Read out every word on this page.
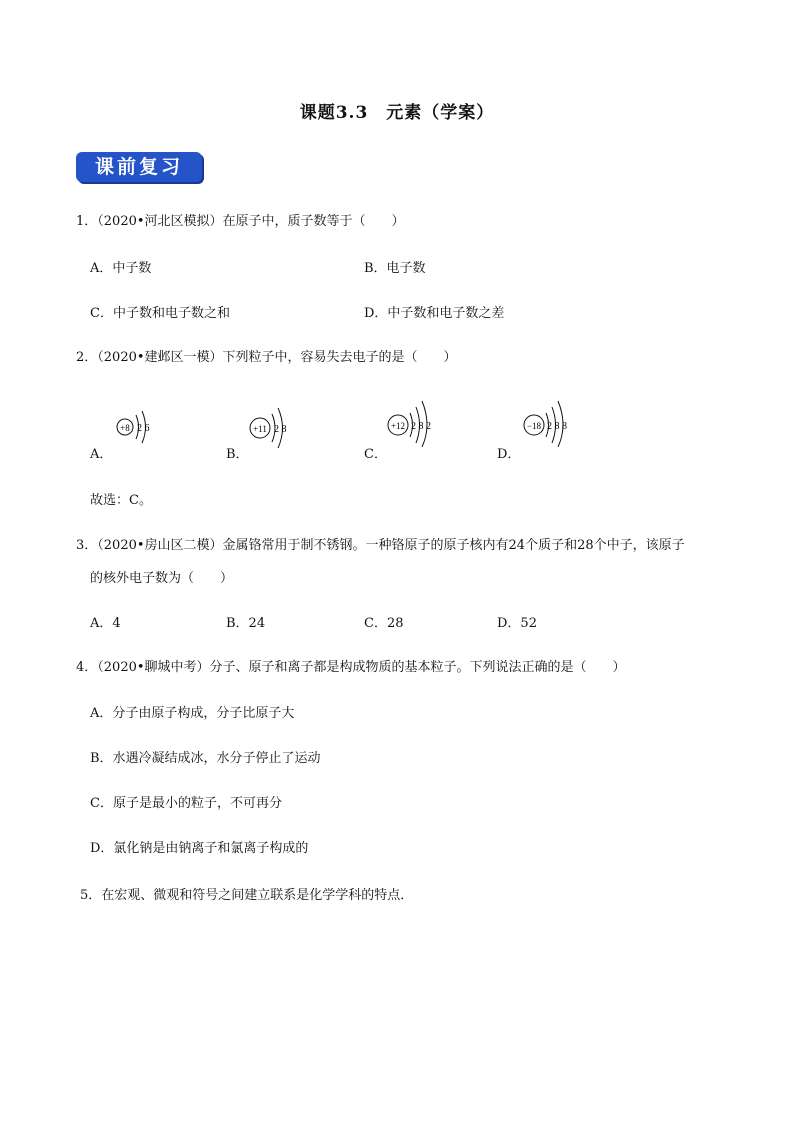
课题3.3　元素（学案）
课前复习
1．（2020•河北区模拟）在原子中，质子数等于（　　）
A．中子数	B．电子数
C．中子数和电子数之和	D．中子数和电子数之差
2．（2020•建邺区一模）下列粒子中，容易失去电子的是（　　）
+8 2 6
A．
+11 2 8
B．
+12 2 8 2
C．
−18 2 8 8
D．
故选：C。
3．（2020•房山区二模）金属铬常用于制不锈钢。一种铬原子的原子核内有24个质子和28个中子，该原子
的核外电子数为（　　）
A．4	B．24	C．28	D．52
4．（2020•聊城中考）分子、原子和离子都是构成物质的基本粒子。下列说法正确的是（　　）
A．分子由原子构成，分子比原子大
B．水遇冷凝结成冰，水分子停止了运动
C．原子是最小的粒子，不可再分
D．氯化钠是由钠离子和氯离子构成的
5．在宏观、微观和符号之间建立联系是化学学科的特点．
